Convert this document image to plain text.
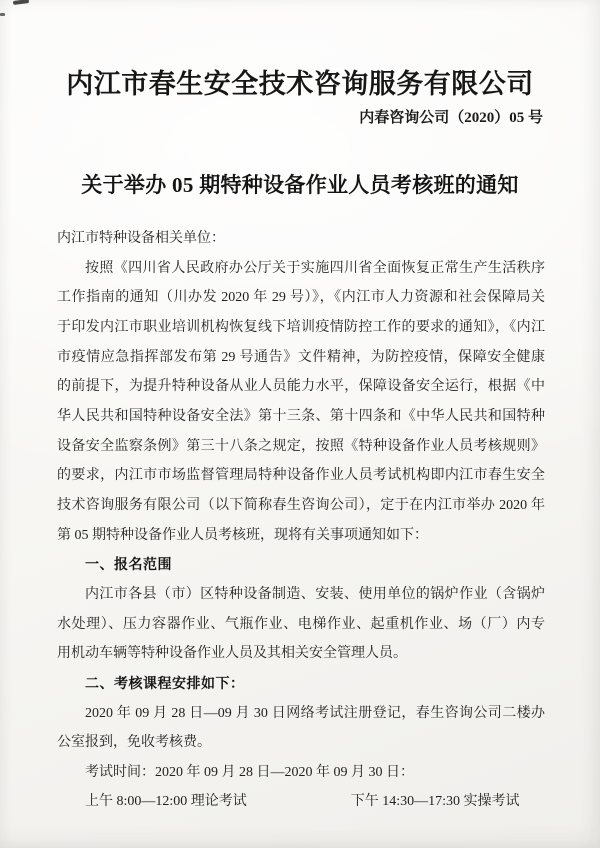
内江市春生安全技术咨询服务有限公司
内春咨询公司（2020）05 号
关于举办 05 期特种设备作业人员考核班的通知
内江市特种设备相关单位：
按照《四川省人民政府办公厅关于实施四川省全面恢复正常生产生活秩序
工作指南的通知（川办发 2020 年 29 号）》，《内江市人力资源和社会保障局关
于印发内江市职业培训机构恢复线下培训疫情防控工作的要求的通知》，《内江
市疫情应急指挥部发布第 29 号通告》文件精神，为防控疫情，保障安全健康
的前提下，为提升特种设备从业人员能力水平，保障设备安全运行，根据《中
华人民共和国特种设备安全法》第十三条、第十四条和《中华人民共和国特种
设备安全监察条例》第三十八条之规定，按照《特种设备作业人员考核规则》
的要求，内江市市场监督管理局特种设备作业人员考试机构即内江市春生安全
技术咨询服务有限公司（以下简称春生咨询公司），定于在内江市举办 2020 年
第 05 期特种设备作业人员考核班，现将有关事项通知如下：
一、报名范围
内江市各县（市）区特种设备制造、安装、使用单位的锅炉作业（含锅炉
水处理）、压力容器作业、气瓶作业、电梯作业、起重机作业、场（厂）内专
用机动车辆等特种设备作业人员及其相关安全管理人员。
二、考核课程安排如下：
2020 年 09 月 28 日—09 月 30 日网络考试注册登记，春生咨询公司二楼办
公室报到，免收考核费。
考试时间：2020 年 09 月 28 日—2020 年 09 月 30 日：
上午 8:00—12:00 理论考试	下午 14:30—17:30 实操考试
